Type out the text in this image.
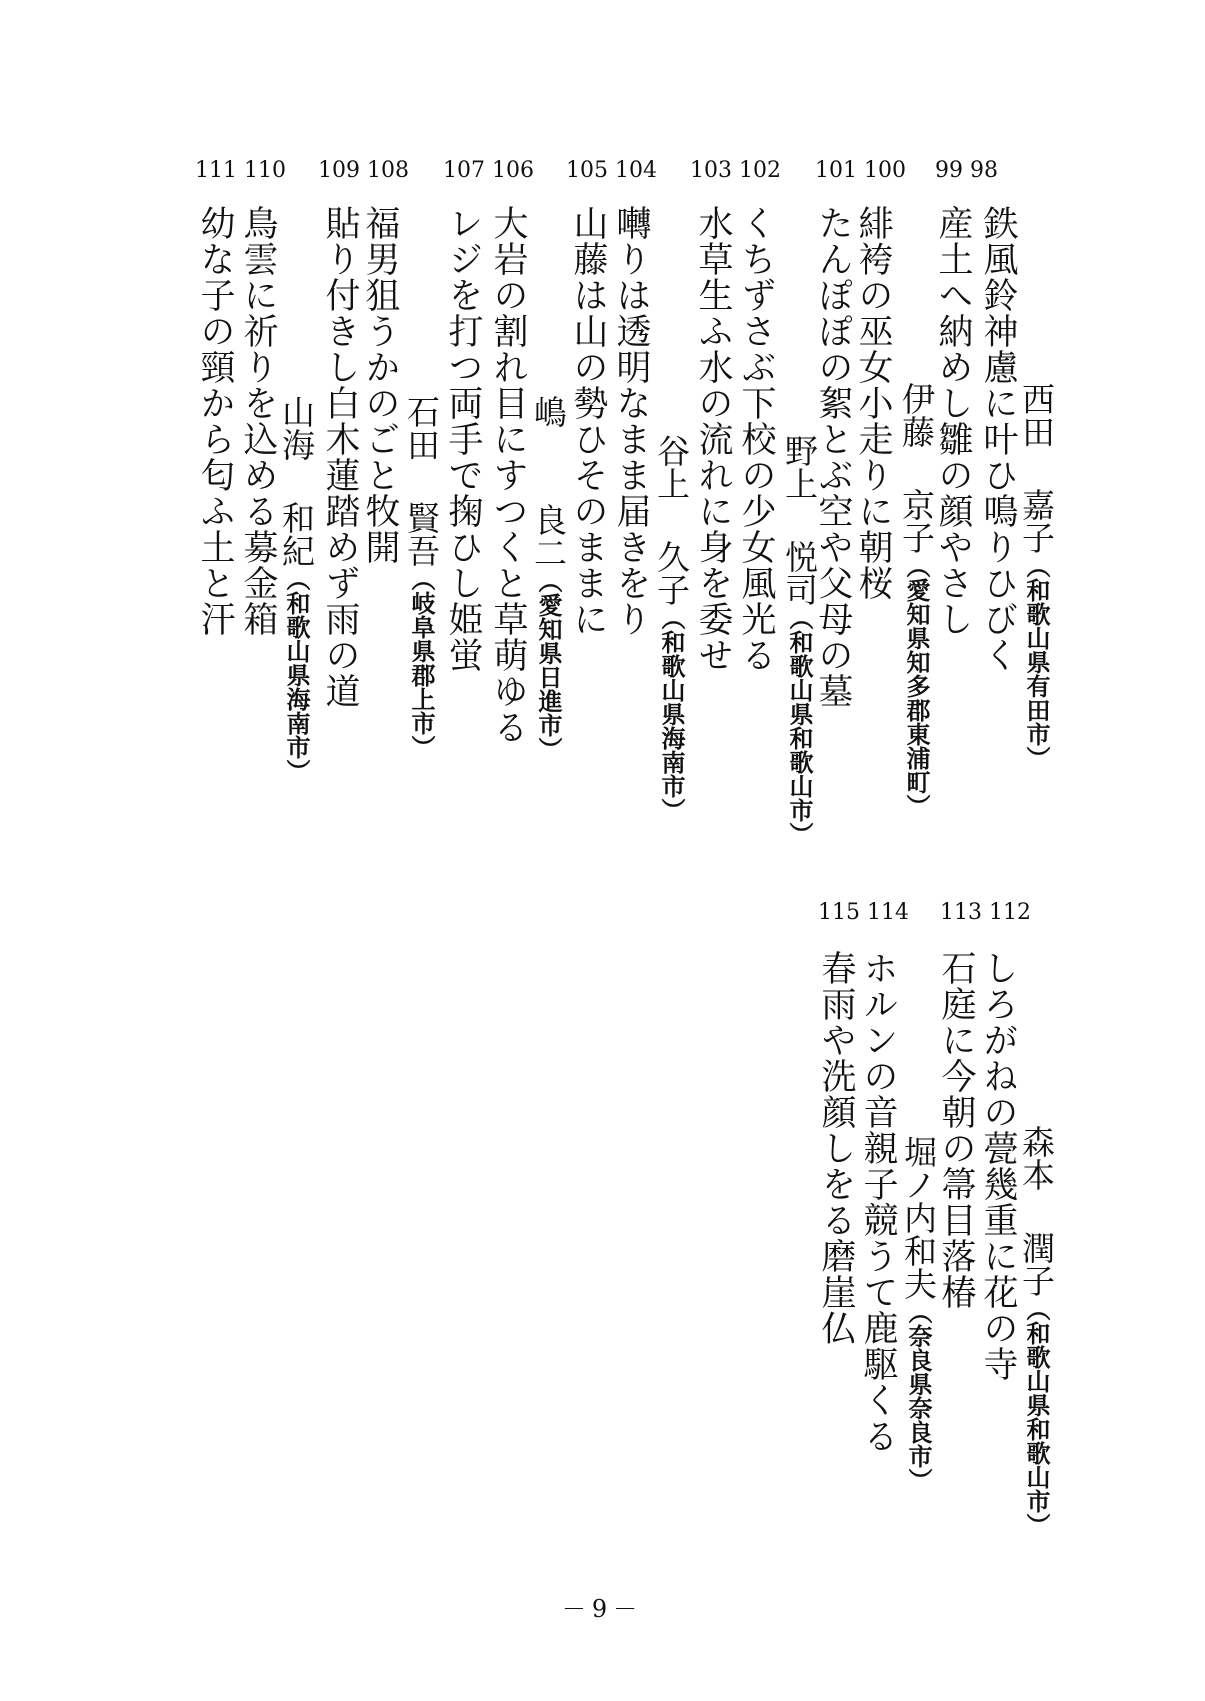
99 98
西田嘉子（和歌山県有田市）
鉄風鈴神慮に叶ひ鳴りひびく
産土へ納めし雛の顔やさし
101 100
伊藤京子（愛知県知多郡東浦町）
緋袴の巫女小走りに朝桜
たんぽぽの絮とぶ空や父母の墓
103 102
野上悦司（和歌山県和歌山市）
くちずさぶ下校の少女風光る
水草生ふ水の流れに身を委せ
105 104
谷上久子（和歌山県海南市）
囀りは透明なまま届きをり
山藤は山の勢ひそのままに
107 106
嶋良二（愛知県日進市）
大岩の割れ目にすつくと草萌ゆる
レジを打つ両手で掬ひし姫蛍
109 108
石田賢吾（岐阜県郡上市）
福男狙うかのごと牧開
貼り付きし白木蓮踏めず雨の道
111 110
山海和紀（和歌山県海南市）
鳥雲に祈りを込める募金箱
幼な子の頸から匂ふ土と汗
113 112
森本潤子（和歌山県和歌山市）
しろがねの甍幾重に花の寺
石庭に今朝の箒目落椿
115 114
堀ノ内和夫（奈良県奈良市）
ホルンの音親子競うて鹿駆くる
春雨や洗顔しをる磨崖仏
－9－
